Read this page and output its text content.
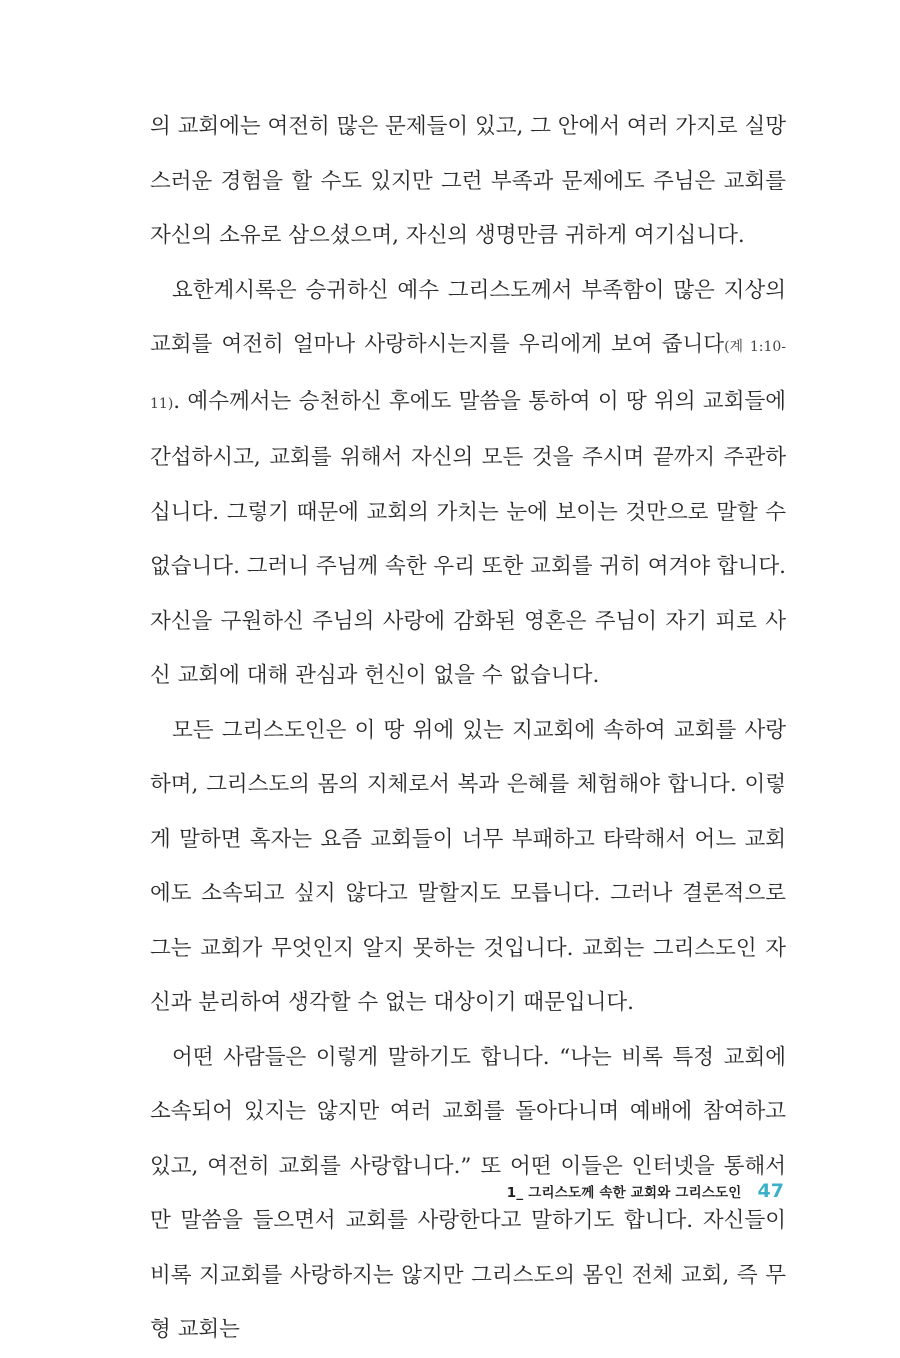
의 교회에는 여전히 많은 문제들이 있고, 그 안에서 여러 가지로 실망스러운 경험을 할 수도 있지만 그런 부족과 문제에도 주님은 교회를 자신의 소유로 삼으셨으며, 자신의 생명만큼 귀하게 여기십니다.

요한계시록은 승귀하신 예수 그리스도께서 부족함이 많은 지상의 교회를 여전히 얼마나 사랑하시는지를 우리에게 보여 줍니다(계 1:10-11). 예수께서는 승천하신 후에도 말씀을 통하여 이 땅 위의 교회들에 간섭하시고, 교회를 위해서 자신의 모든 것을 주시며 끝까지 주관하십니다. 그렇기 때문에 교회의 가치는 눈에 보이는 것만으로 말할 수 없습니다. 그러니 주님께 속한 우리 또한 교회를 귀히 여겨야 합니다. 자신을 구원하신 주님의 사랑에 감화된 영혼은 주님이 자기 피로 사신 교회에 대해 관심과 헌신이 없을 수 없습니다.

모든 그리스도인은 이 땅 위에 있는 지교회에 속하여 교회를 사랑하며, 그리스도의 몸의 지체로서 복과 은혜를 체험해야 합니다. 이렇게 말하면 혹자는 요즘 교회들이 너무 부패하고 타락해서 어느 교회에도 소속되고 싶지 않다고 말할지도 모릅니다. 그러나 결론적으로 그는 교회가 무엇인지 알지 못하는 것입니다. 교회는 그리스도인 자신과 분리하여 생각할 수 없는 대상이기 때문입니다.

어떤 사람들은 이렇게 말하기도 합니다. “나는 비록 특정 교회에 소속되어 있지는 않지만 여러 교회를 돌아다니며 예배에 참여하고 있고, 여전히 교회를 사랑합니다.” 또 어떤 이들은 인터넷을 통해서만 말씀을 들으면서 교회를 사랑한다고 말하기도 합니다. 자신들이 비록 지교회를 사랑하지는 않지만 그리스도의 몸인 전체 교회, 즉 무형 교회는

1_ 그리스도께 속한 교회와 그리스도인 47
